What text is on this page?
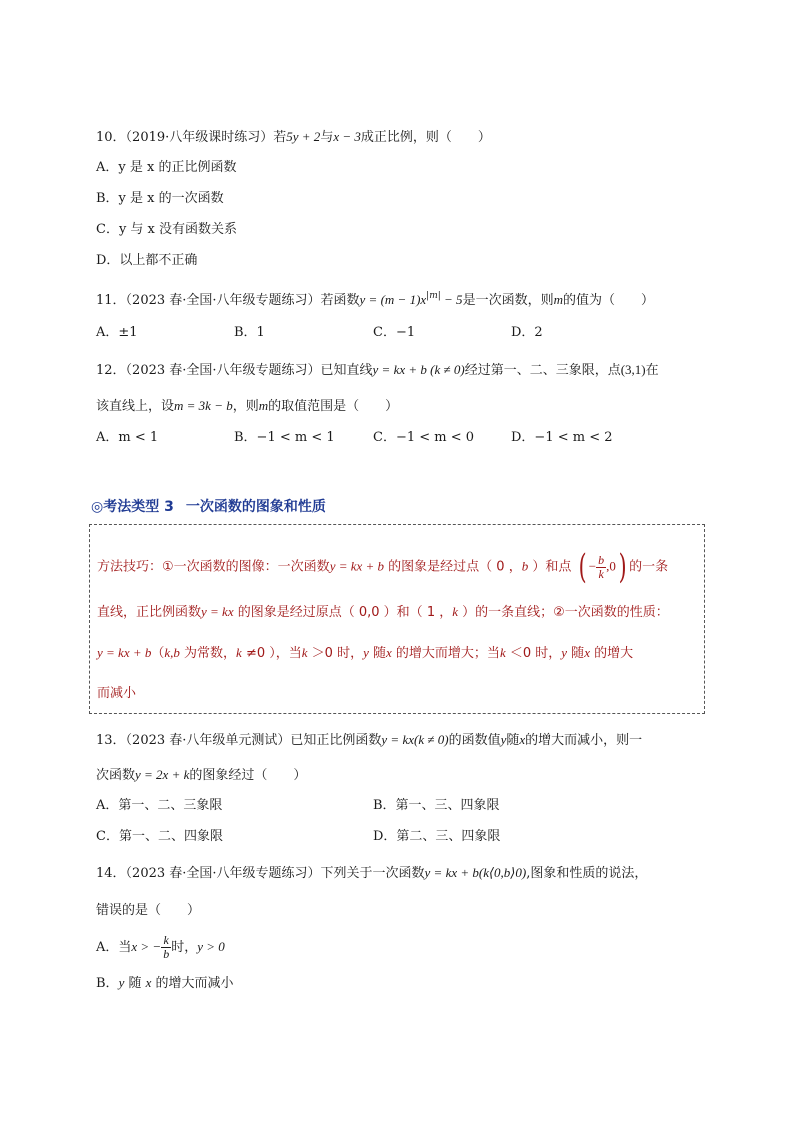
10．（2019·八年级课时练习）若5y + 2与x − 3成正比例，则（　　）
A．y 是 x 的正比例函数
B．y 是 x 的一次函数
C．y 与 x 没有函数关系
D．以上都不正确
11．（2023 春·全国·八年级专题练习）若函数$y = (m - 1)x^{|m|} - 5$是一次函数，则m的值为（　　）
A．±1	B．1	C．−1	D．2
12．（2023 春·全国·八年级专题练习）已知直线y = kx + b (k ≠ 0)经过第一、二、三象限，点(3,1)在
该直线上，设m = 3k − b，则m的取值范围是（　　）
A．m < 1	B．−1 < m < 1	C．−1 < m < 0	D．−1 < m < 2
◎考法类型 3 一次函数的图象和性质
方法技巧：①一次函数的图像：一次函数y = kx + b 的图象是经过点（ 0 ，b ）和点 ( − $\frac{b}{k} ,0$) 的一条
直线，正比例函数y = kx 的图象是经过原点（ 0,0 ）和（ 1 ，k ）的一条直线；②一次函数的性质：
y = kx + b（k,b 为常数，k ≠0 ），当k ＞0 时，y 随x 的增大而增大；当k ＜0 时，y 随x 的增大
而减小
13．（2023 春·八年级单元测试）已知正比例函数y = kx(k ≠ 0)的函数值y随x的增大而减小，则一
次函数y = 2x + k的图象经过（　　）
A．第一、二、三象限	B．第一、三、四象限
C．第一、二、四象限	D．第二、三、四象限
14．（2023 春·全国·八年级专题练习）下列关于一次函数y = kx + b(k⟨0,b⟩0),图象和性质的说法，
错误的是（　　）
A．当x > − $\frac{k}{b}$ 时，y > 0
B．y 随 x 的增大而减小
